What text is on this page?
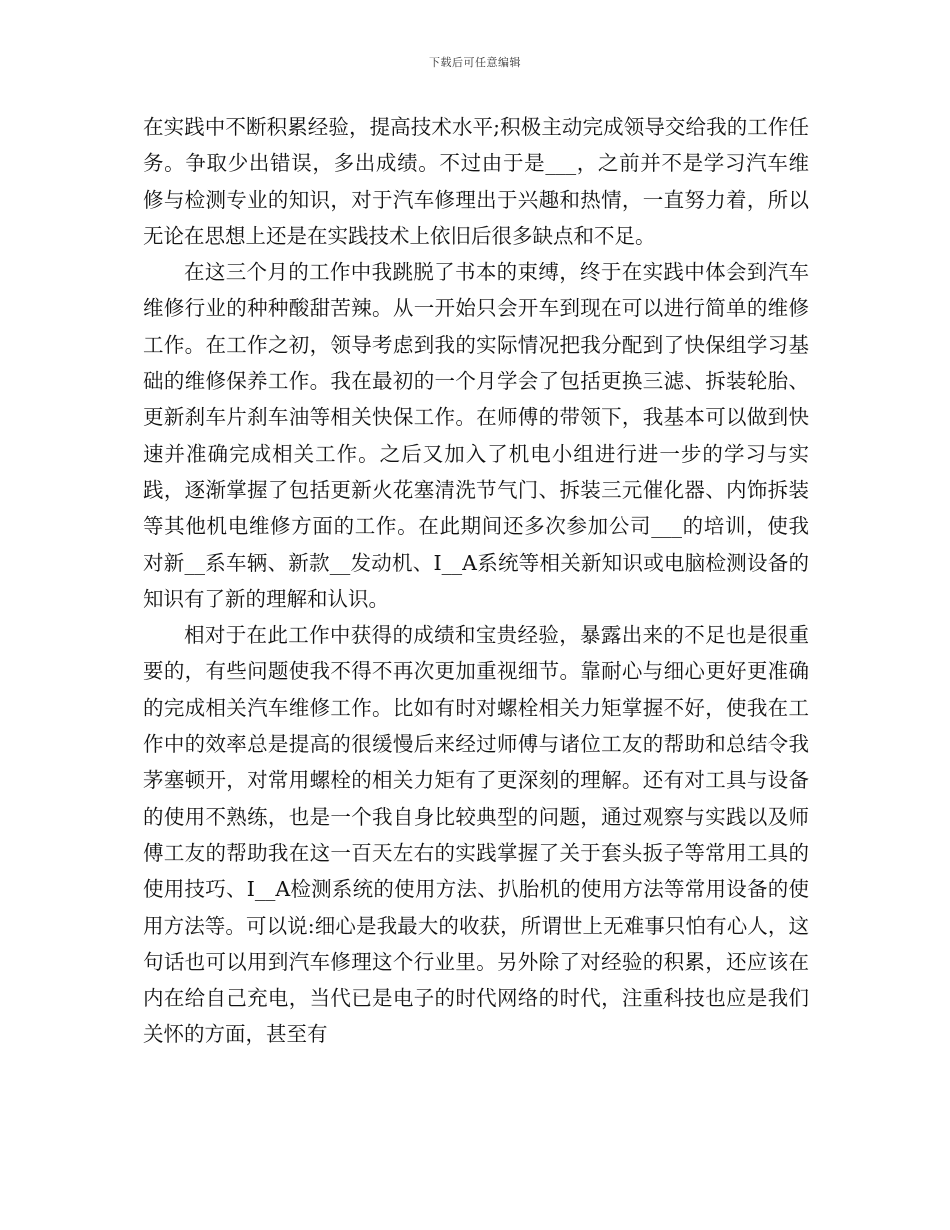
下载后可任意编辑

在实践中不断积累经验，提高技术水平;积极主动完成领导交给我的工作任务。争取少出错误，多出成绩。不过由于是___，之前并不是学习汽车维修与检测专业的知识，对于汽车修理出于兴趣和热情，一直努力着，所以无论在思想上还是在实践技术上依旧后很多缺点和不足。

在这三个月的工作中我跳脱了书本的束缚，终于在实践中体会到汽车维修行业的种种酸甜苦辣。从一开始只会开车到现在可以进行简单的维修工作。在工作之初，领导考虑到我的实际情况把我分配到了快保组学习基础的维修保养工作。我在最初的一个月学会了包括更换三滤、拆装轮胎、更新刹车片刹车油等相关快保工作。在师傅的带领下，我基本可以做到快速并准确完成相关工作。之后又加入了机电小组进行进一步的学习与实践，逐渐掌握了包括更新火花塞清洗节气门、拆装三元催化器、内饰拆装等其他机电维修方面的工作。在此期间还多次参加公司___的培训，使我对新__系车辆、新款__发动机、I__A系统等相关新知识或电脑检测设备的知识有了新的理解和认识。

相对于在此工作中获得的成绩和宝贵经验，暴露出来的不足也是很重要的，有些问题使我不得不再次更加重视细节。靠耐心与细心更好更准确的完成相关汽车维修工作。比如有时对螺栓相关力矩掌握不好，使我在工作中的效率总是提高的很缓慢后来经过师傅与诸位工友的帮助和总结令我茅塞顿开，对常用螺栓的相关力矩有了更深刻的理解。还有对工具与设备的使用不熟练，也是一个我自身比较典型的问题，通过观察与实践以及师傅工友的帮助我在这一百天左右的实践掌握了关于套头扳子等常用工具的使用技巧、I__A检测系统的使用方法、扒胎机的使用方法等常用设备的使用方法等。可以说:细心是我最大的收获，所谓世上无难事只怕有心人，这句话也可以用到汽车修理这个行业里。另外除了对经验的积累，还应该在内在给自己充电，当代已是电子的时代网络的时代，注重科技也应是我们关怀的方面，甚至有
